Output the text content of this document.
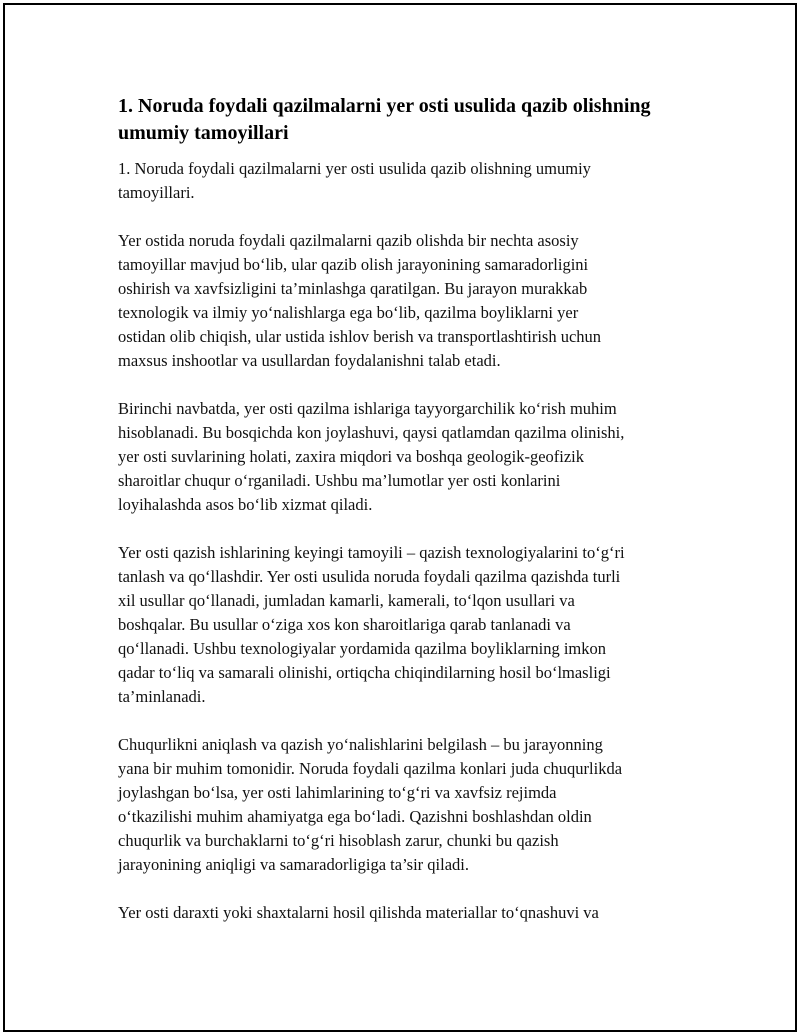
1. Noruda foydali qazilmalarni yer osti usulida qazib olishning
umumiy tamoyillari

1. Noruda foydali qazilmalarni yer osti usulida qazib olishning umumiy
tamoyillari.

Yer ostida noruda foydali qazilmalarni qazib olishda bir nechta asosiy
tamoyillar mavjud bo‘lib, ular qazib olish jarayonining samaradorligini
oshirish va xavfsizligini ta’minlashga qaratilgan. Bu jarayon murakkab
texnologik va ilmiy yo‘nalishlarga ega bo‘lib, qazilma boyliklarni yer
ostidan olib chiqish, ular ustida ishlov berish va transportlashtirish uchun
maxsus inshootlar va usullardan foydalanishni talab etadi.

Birinchi navbatda, yer osti qazilma ishlariga tayyorgarchilik ko‘rish muhim
hisoblanadi. Bu bosqichda kon joylashuvi, qaysi qatlamdan qazilma olinishi,
yer osti suvlarining holati, zaxira miqdori va boshqa geologik-geofizik
sharoitlar chuqur o‘rganiladi. Ushbu ma’lumotlar yer osti konlarini
loyihalashda asos bo‘lib xizmat qiladi.

Yer osti qazish ishlarining keyingi tamoyili – qazish texnologiyalarini to‘g‘ri
tanlash va qo‘llashdir. Yer osti usulida noruda foydali qazilma qazishda turli
xil usullar qo‘llanadi, jumladan kamarli, kamerali, to‘lqon usullari va
boshqalar. Bu usullar o‘ziga xos kon sharoitlariga qarab tanlanadi va
qo‘llanadi. Ushbu texnologiyalar yordamida qazilma boyliklarning imkon
qadar to‘liq va samarali olinishi, ortiqcha chiqindilarning hosil bo‘lmasligi
ta’minlanadi.

Chuqurlikni aniqlash va qazish yo‘nalishlarini belgilash – bu jarayonning
yana bir muhim tomonidir. Noruda foydali qazilma konlari juda chuqurlikda
joylashgan bo‘lsa, yer osti lahimlarining to‘g‘ri va xavfsiz rejimda
o‘tkazilishi muhim ahamiyatga ega bo‘ladi. Qazishni boshlashdan oldin
chuqurlik va burchaklarni to‘g‘ri hisoblash zarur, chunki bu qazish
jarayonining aniqligi va samaradorligiga ta’sir qiladi.

Yer osti daraxti yoki shaxtalarni hosil qilishda materiallar to‘qnashuvi va
